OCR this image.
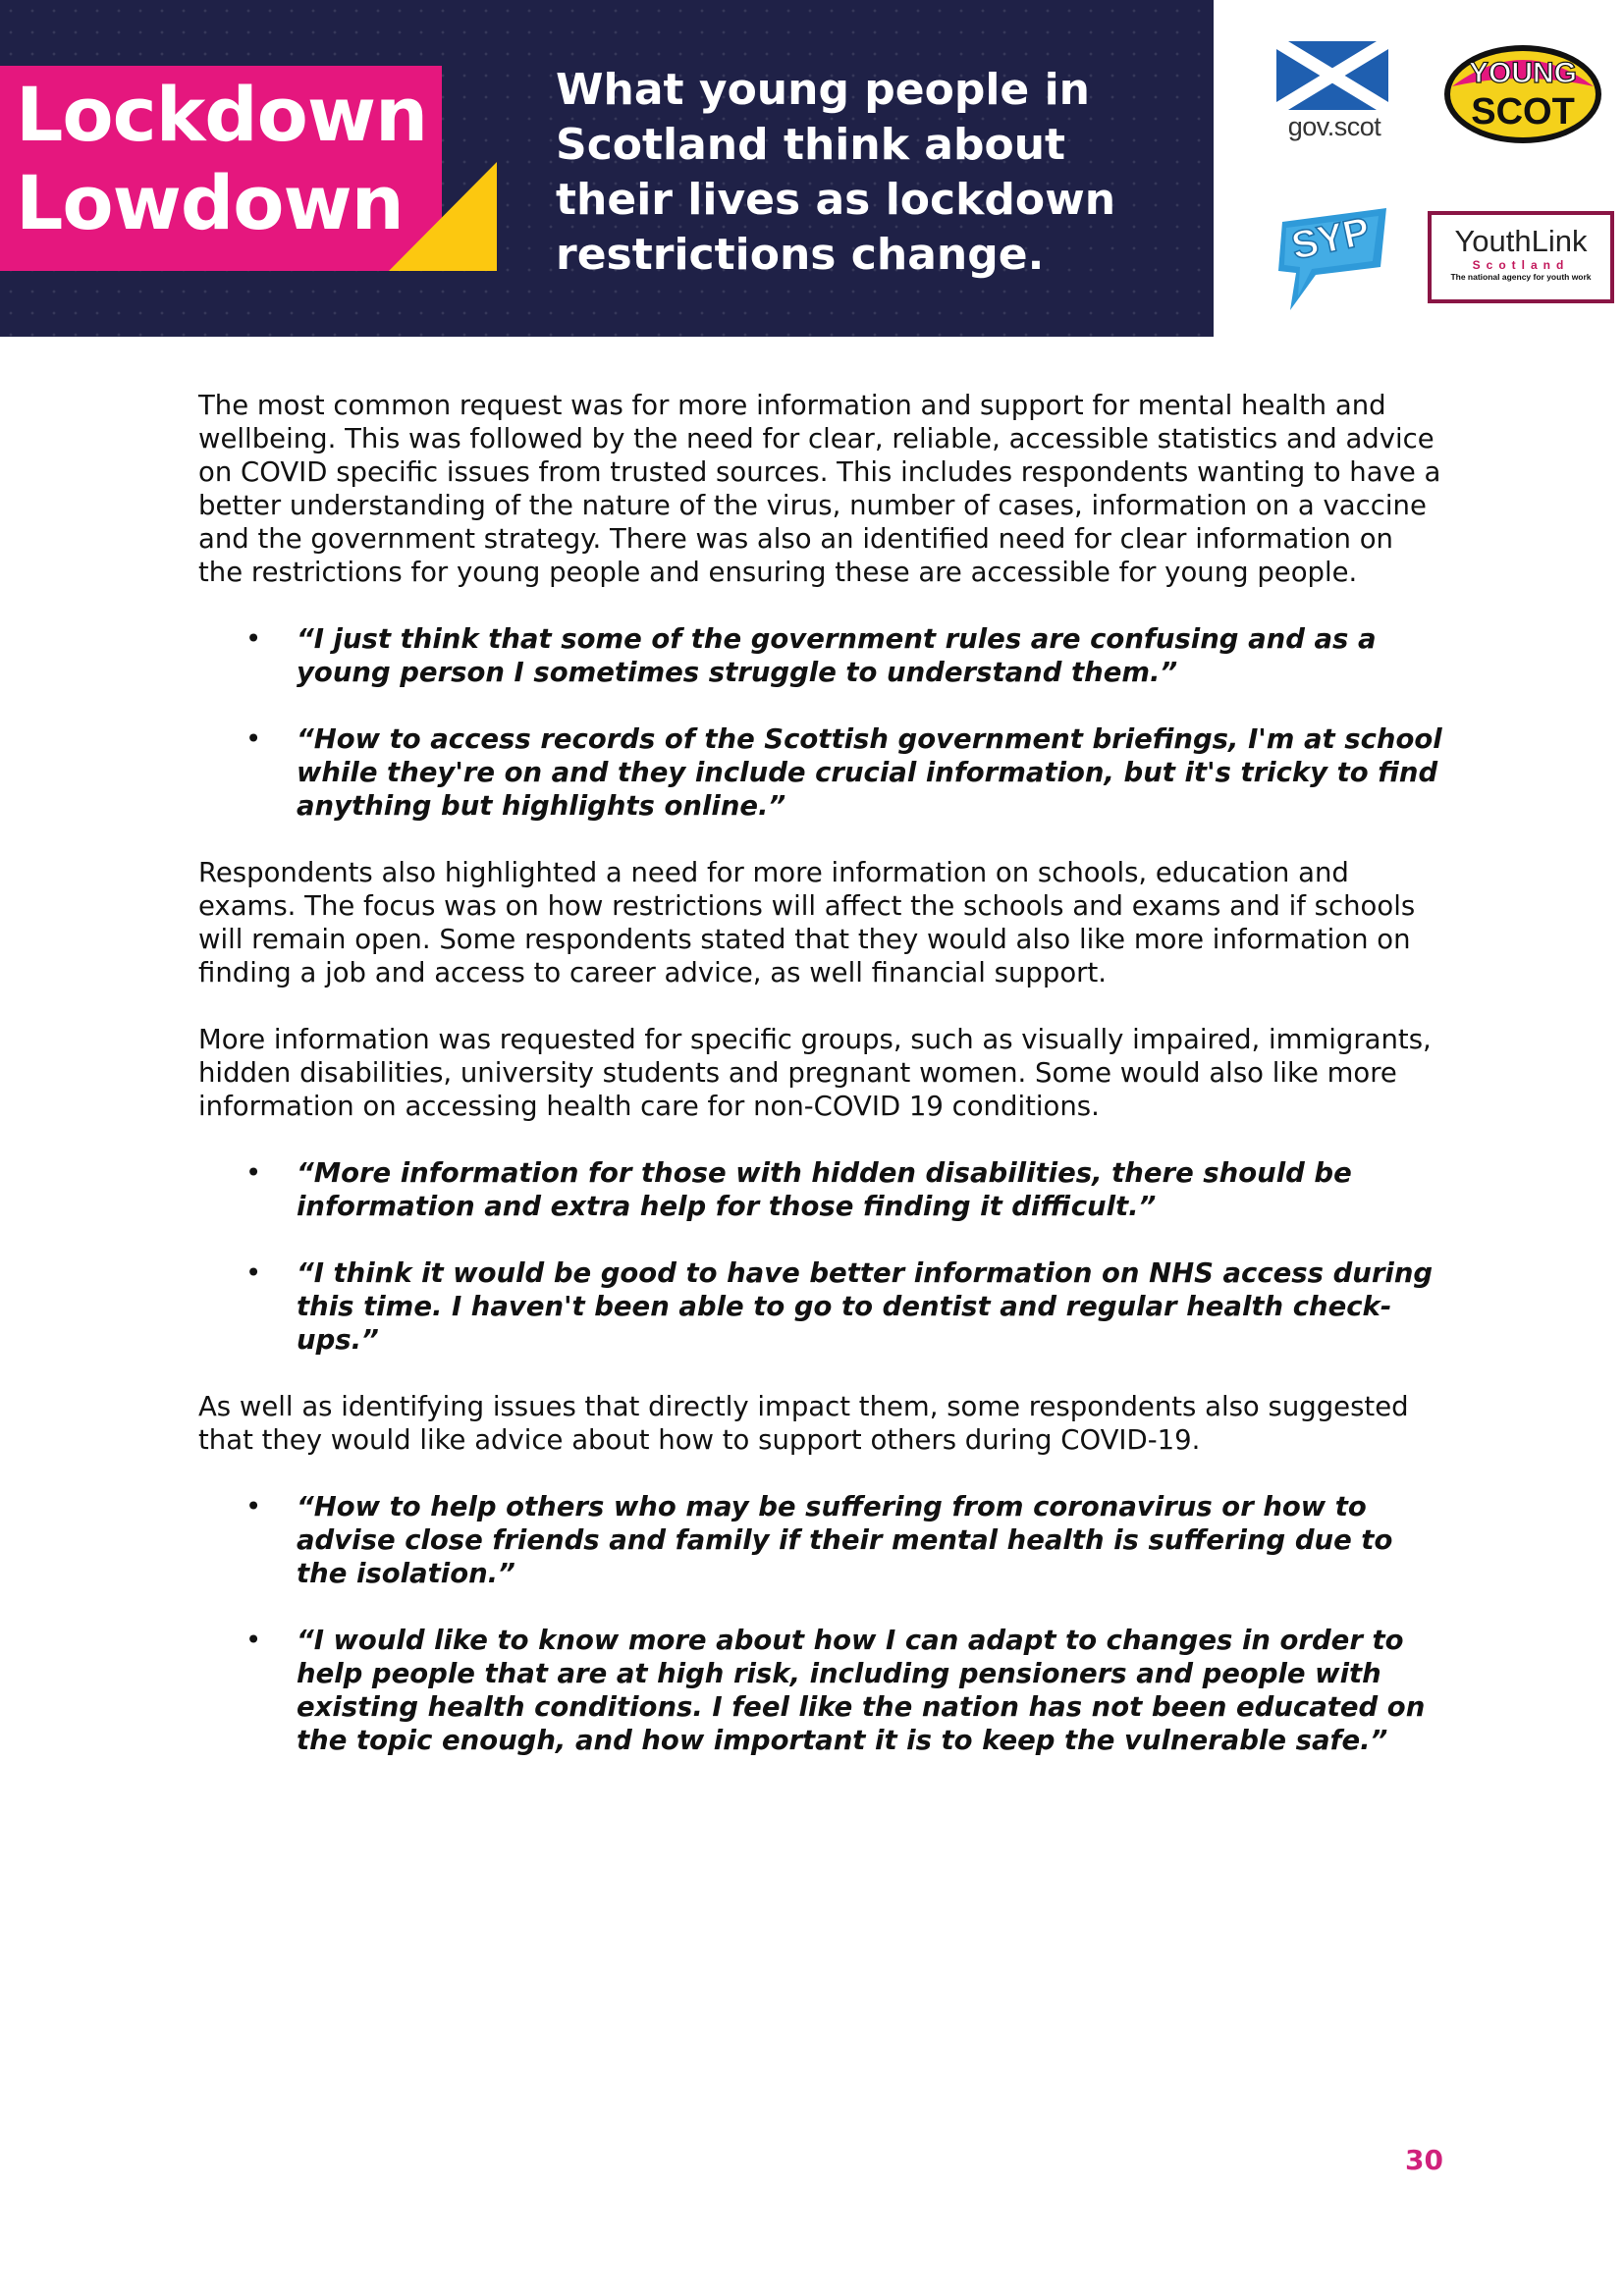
Lockdown
Lowdown

What young people in
Scotland think about
their lives as lockdown
restrictions change.

gov.scot
YOUNG
SCOT
SYP	YouthLink
Scotland
The national agency for youth work

The most common request was for more information and support for mental health and wellbeing. This was followed by the need for clear, reliable, accessible statistics and advice on COVID specific issues from trusted sources. This includes respondents wanting to have a better understanding of the nature of the virus, number of cases, information on a vaccine and the government strategy. There was also an identified need for clear information on the restrictions for young people and ensuring these are accessible for young people.

• “I just think that some of the government rules are confusing and as a young person I sometimes struggle to understand them.”
• “How to access records of the Scottish government briefings, I'm at school while they're on and they include crucial information, but it's tricky to find anything but highlights online.”

Respondents also highlighted a need for more information on schools, education and exams. The focus was on how restrictions will affect the schools and exams and if schools will remain open. Some respondents stated that they would also like more information on finding a job and access to career advice, as well financial support.

More information was requested for specific groups, such as visually impaired, immigrants, hidden disabilities, university students and pregnant women. Some would also like more information on accessing health care for non-COVID 19 conditions.

• “More information for those with hidden disabilities, there should be information and extra help for those finding it difficult.”
• “I think it would be good to have better information on NHS access during this time. I haven't been able to go to dentist and regular health check-ups.”

As well as identifying issues that directly impact them, some respondents also suggested that they would like advice about how to support others during COVID-19.

• “How to help others who may be suffering from coronavirus or how to advise close friends and family if their mental health is suffering due to the isolation.”
• “I would like to know more about how I can adapt to changes in order to help people that are at high risk, including pensioners and people with existing health conditions. I feel like the nation has not been educated on the topic enough, and how important it is to keep the vulnerable safe.”
30
